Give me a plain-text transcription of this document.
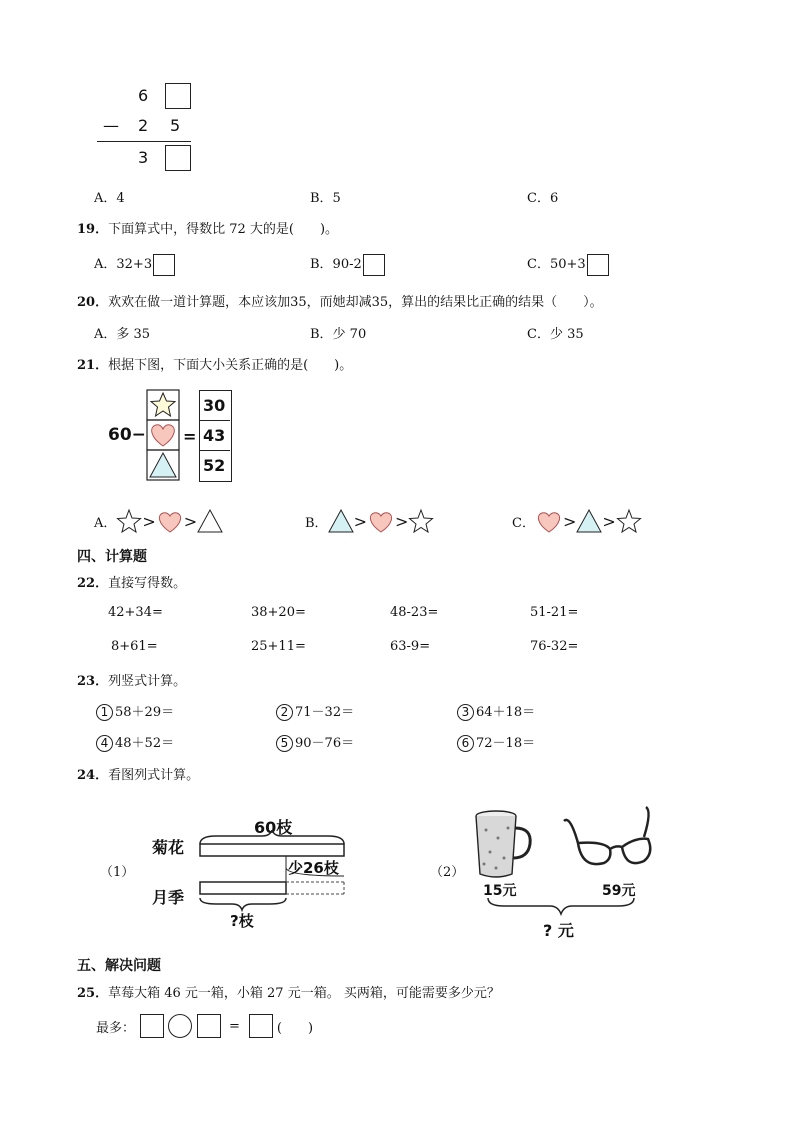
6
— 2 5
3
A．4	B．5	C．6
19．下面算式中，得数比 72 大的是(　　)。
A．32+3	B．90-2	C．50+3
20．欢欢在做一道计算题，本应该加35，而她却减35，算出的结果比正确的结果（　　）。
A．多 35	B．少 70	C．少 35
21．根据下图，下面大小关系正确的是(　　)。
60− =
30
43
52
A． > >	B． > >	C． > >
四、计算题
22．直接写得数。
42+34=	38+20=	48-23=	51-21=
8+61=	25+11=	63-9=	76-32=
23．列竖式计算。
1 58＋29＝	2 71－32＝	3 64＋18＝
4 48＋52＝	5 90－76＝	6 72－18＝
24．看图列式计算。
（1）
60枝
菊花
月季
少26枝
?枝
（2）
15元	59元
? 元
五、解决问题
25．草莓大箱 46 元一箱，小箱 27 元一箱。 买两箱，可能需要多少元？
最多：	=	(　　)
